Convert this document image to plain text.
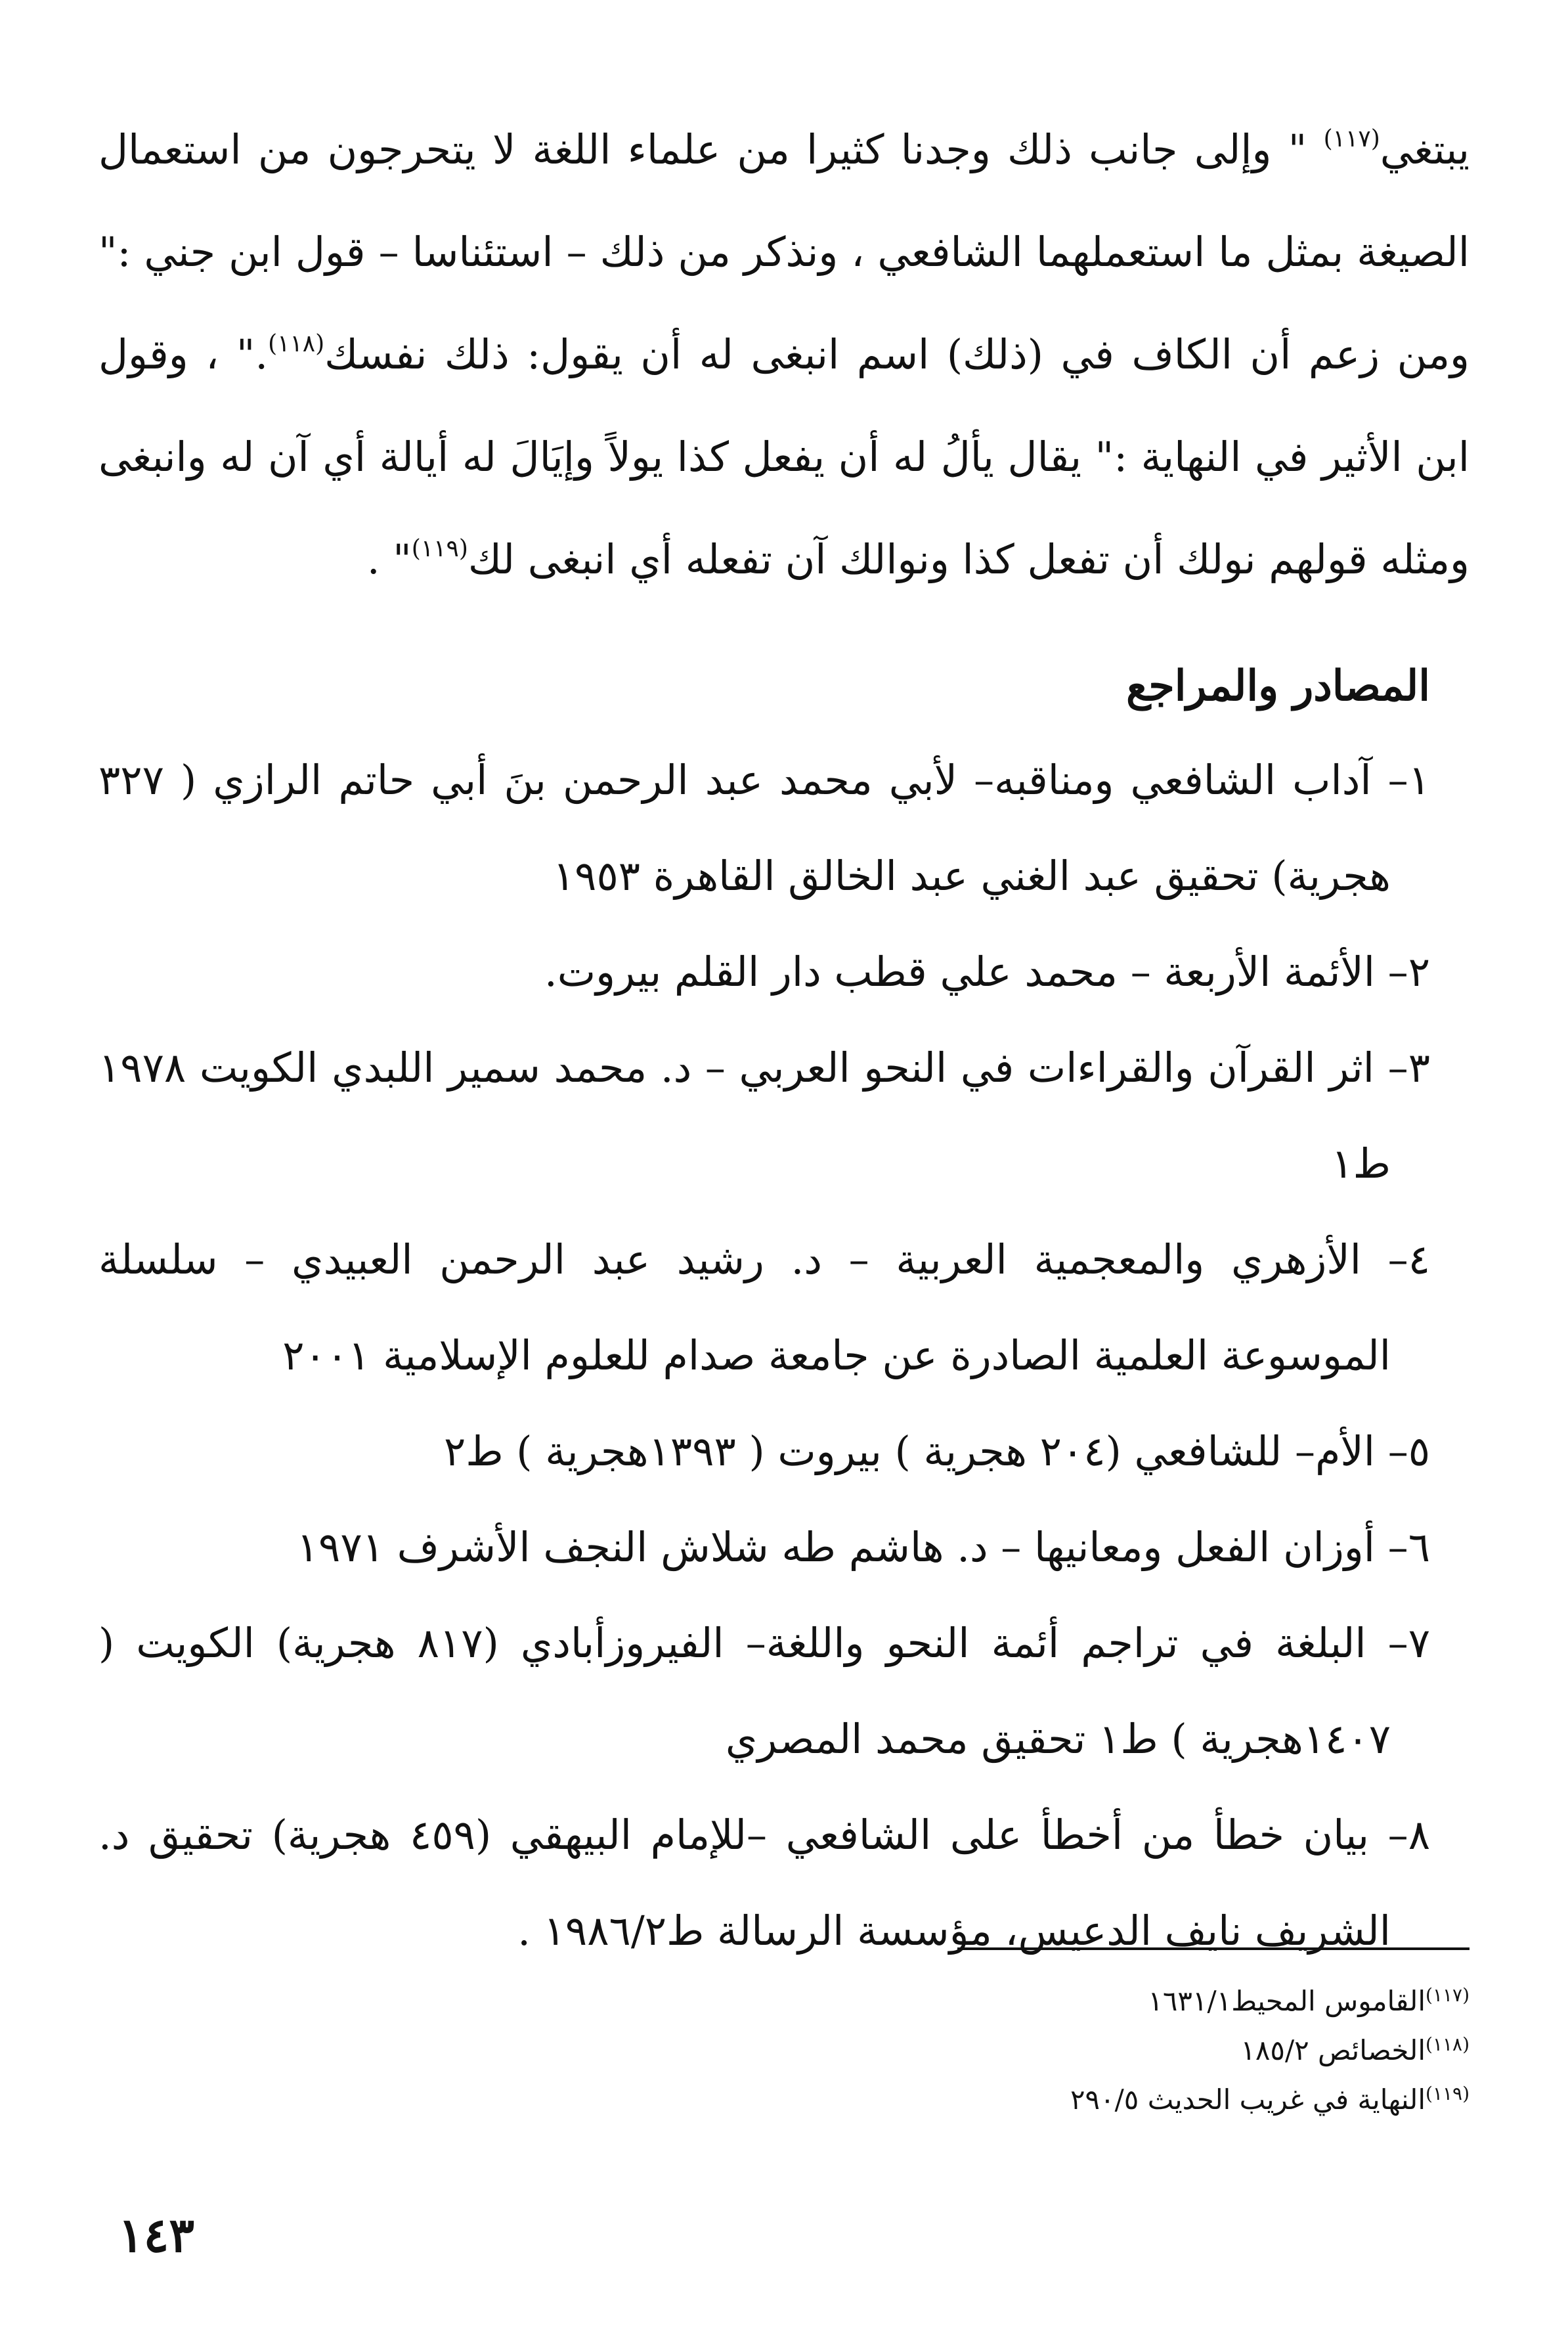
يبتغي$^{(١١٧)}$ " وإلى جانب ذلك وجدنا كثيرا من علماء اللغة لا يتحرجون من استعمال الصيغة بمثل ما استعملهما الشافعي ، ونذكر من ذلك – استئناسا – قول ابن جني :" ومن زعم أن الكاف في (ذلك) اسم انبغى له أن يقول: ذلك نفسك$^{(١١٨)}$." ، وقول ابن الأثير في النهاية :" يقال يألُ له أن يفعل كذا يولاً وإيَالَ له أيالة أي آن له وانبغى ومثله قولهم نولك أن تفعل كذا ونوالك آن تفعله أي انبغى لك$^{(١١٩)}$" .

المصادر والمراجع
١– آداب الشافعي ومناقبه– لأبي محمد عبد الرحمن بنَ أبي حاتم الرازي ( ٣٢٧ هجرية) تحقيق عبد الغني عبد الخالق القاهرة ١٩٥٣
٢– الأئمة الأربعة – محمد علي قطب دار القلم بيروت.
٣– اثر القرآن والقراءات في النحو العربي – د. محمد سمير اللبدي الكويت ١٩٧٨ ط١
٤– الأزهري والمعجمية العربية – د. رشيد عبد الرحمن العبيدي – سلسلة الموسوعة العلمية الصادرة عن جامعة صدام للعلوم الإسلامية ٢٠٠١
٥– الأم– للشافعي (٢٠٤ هجرية ) بيروت ( ١٣٩٣هجرية ) ط٢
٦– أوزان الفعل ومعانيها – د. هاشم طه شلاش النجف الأشرف ١٩٧١
٧– البلغة في تراجم أئمة النحو واللغة– الفيروزأبادي (٨١٧ هجرية) الكويت ( ١٤٠٧هجرية ) ط١ تحقيق محمد المصري
٨– بيان خطأ من أخطأ على الشافعي –للإمام البيهقي (٤٥٩ هجرية) تحقيق د. الشريف نايف الدعيس، مؤسسة الرسالة ط١٩٨٦/٢ .
$^{(١١٧)}$القاموس المحيط١٦٣١/١
$^{(١١٨)}$الخصائص ١٨٥/٢
$^{(١١٩)}$النهاية في غريب الحديث ٢٩٠/٥
١٤٣
